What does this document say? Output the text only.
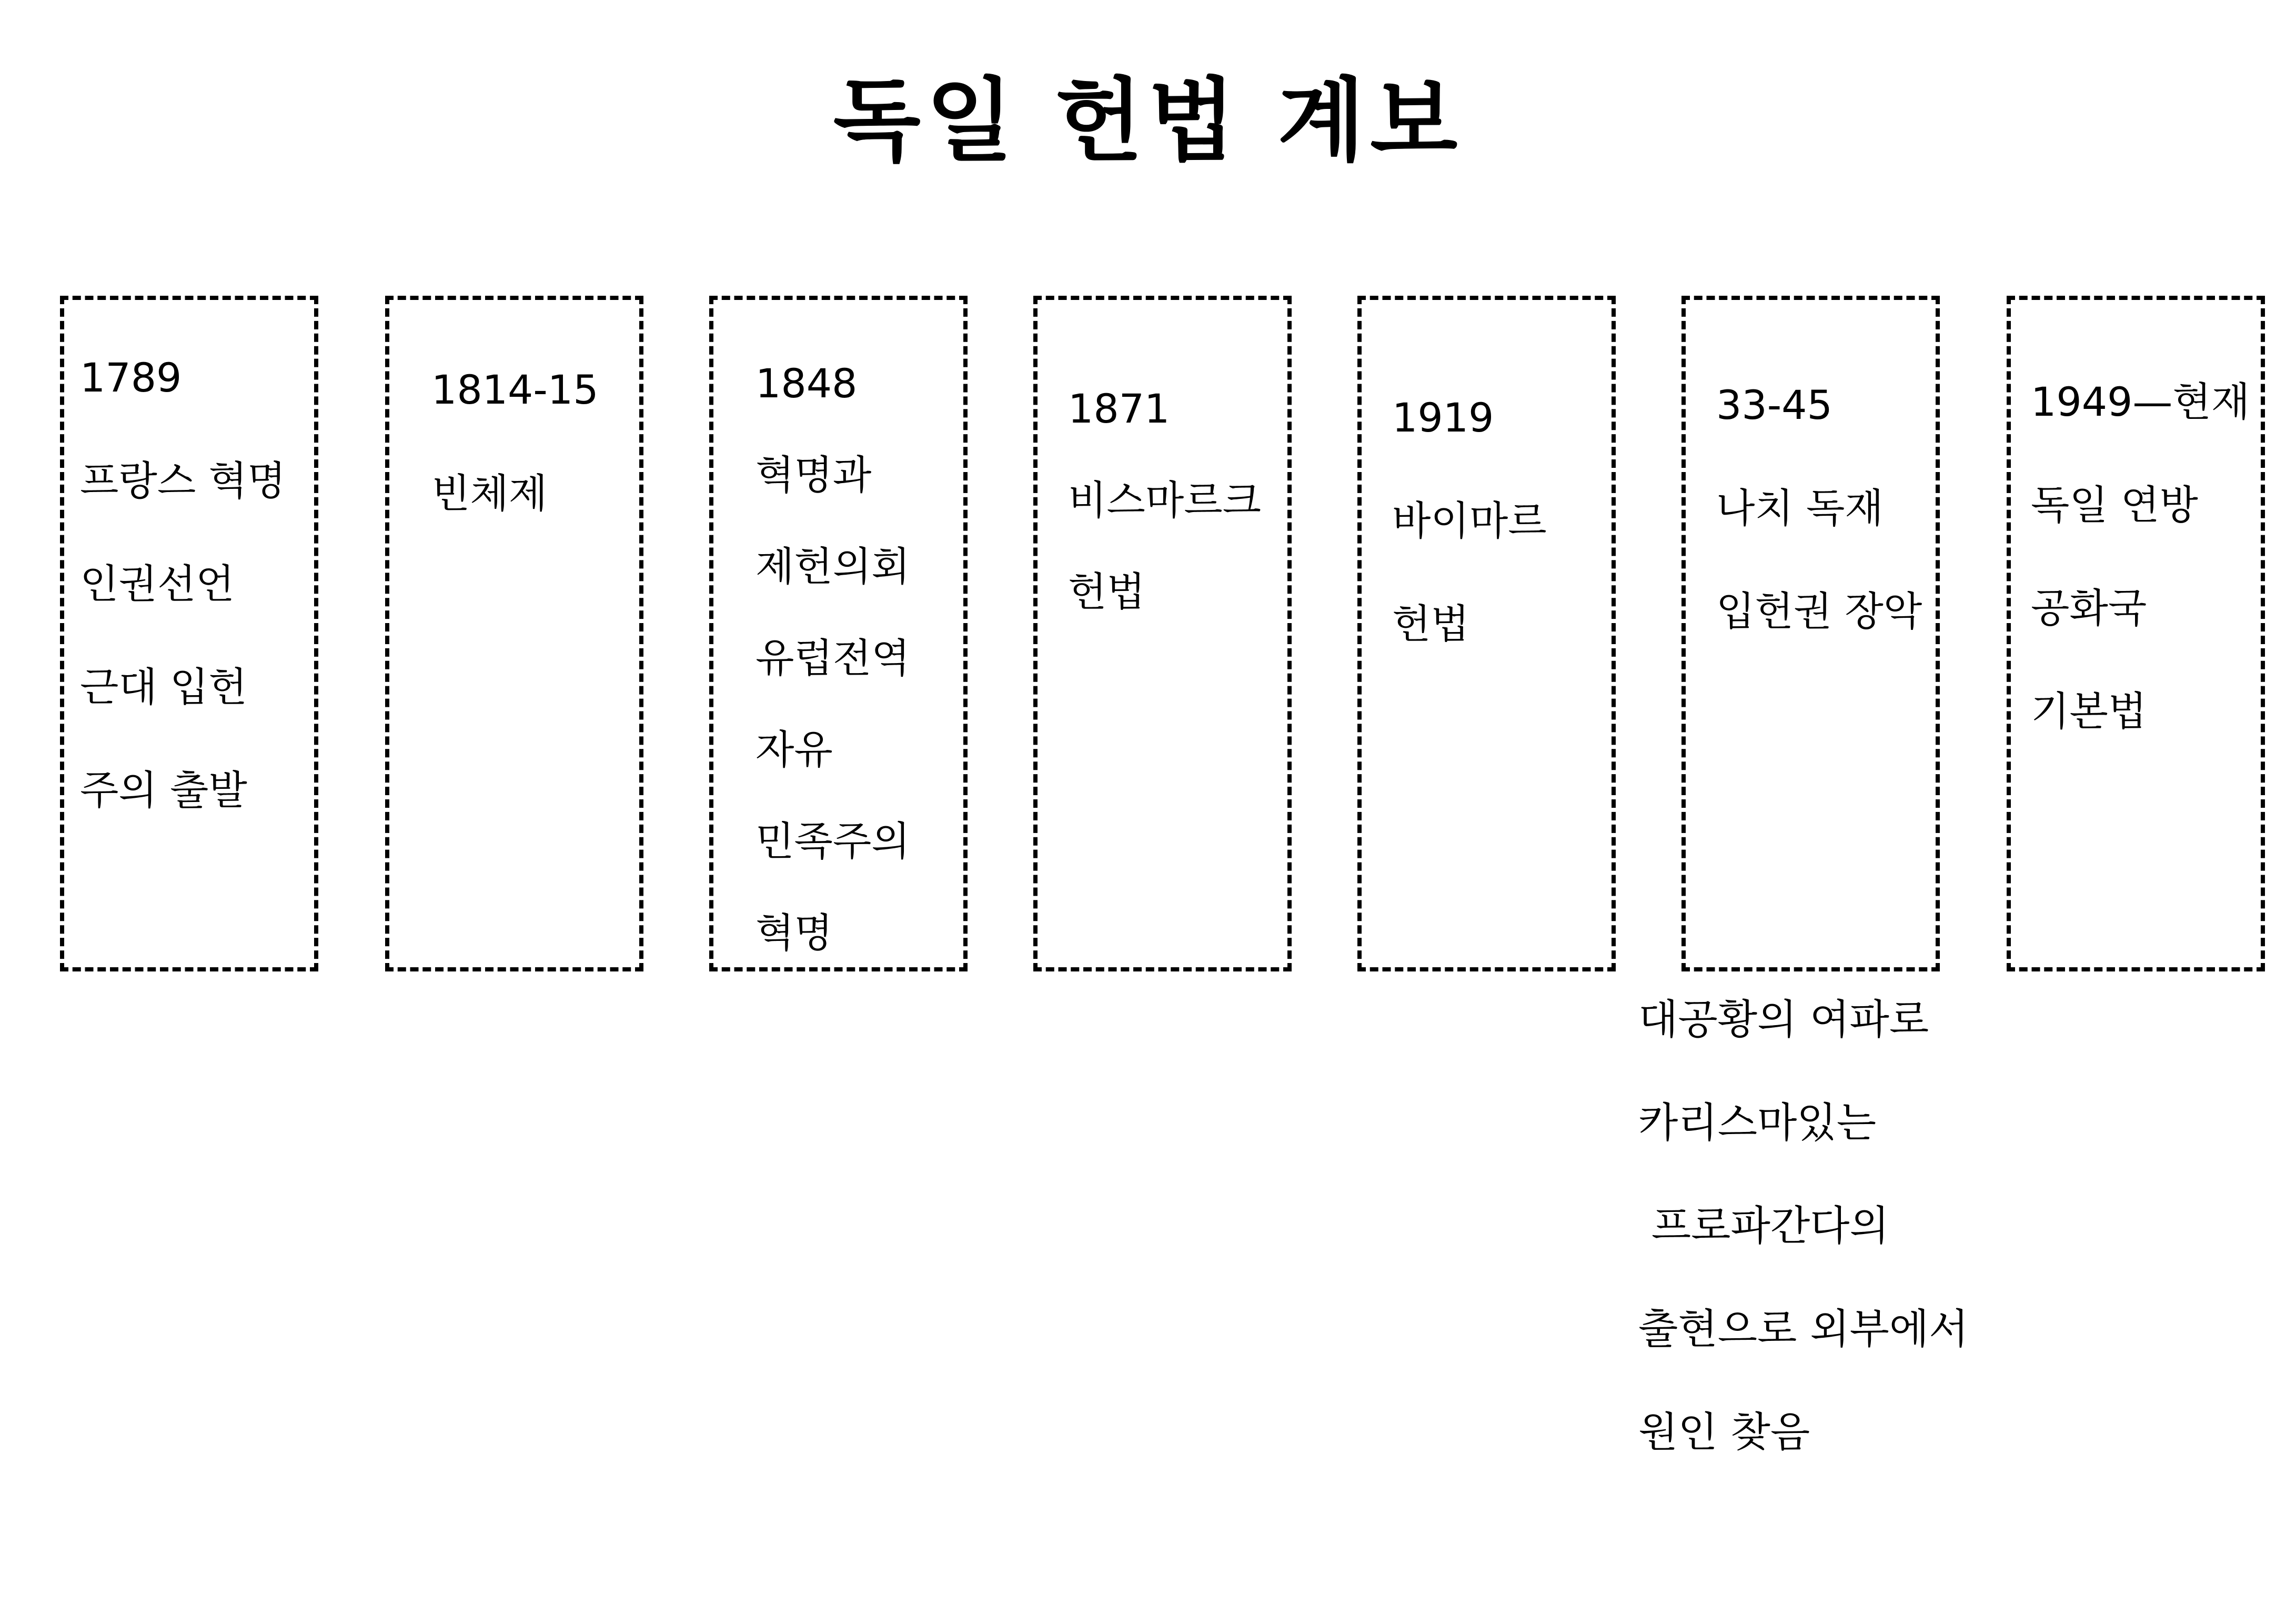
독일 헌법 계보
1789
프랑스 혁명
인권선언
근대 입헌
주의 출발
1814-15
빈체제
1848
혁명과
제헌의회
유럽전역
자유
민족주의
혁명
1871
비스마르크
헌법
1919
바이마르
헌법
33-45
나치 독재
입헌권 장악
1949—현재
독일 연방
공화국
기본법
대공황의 여파로
카리스마있는
프로파간다의
출현으로 외부에서
원인 찾음
